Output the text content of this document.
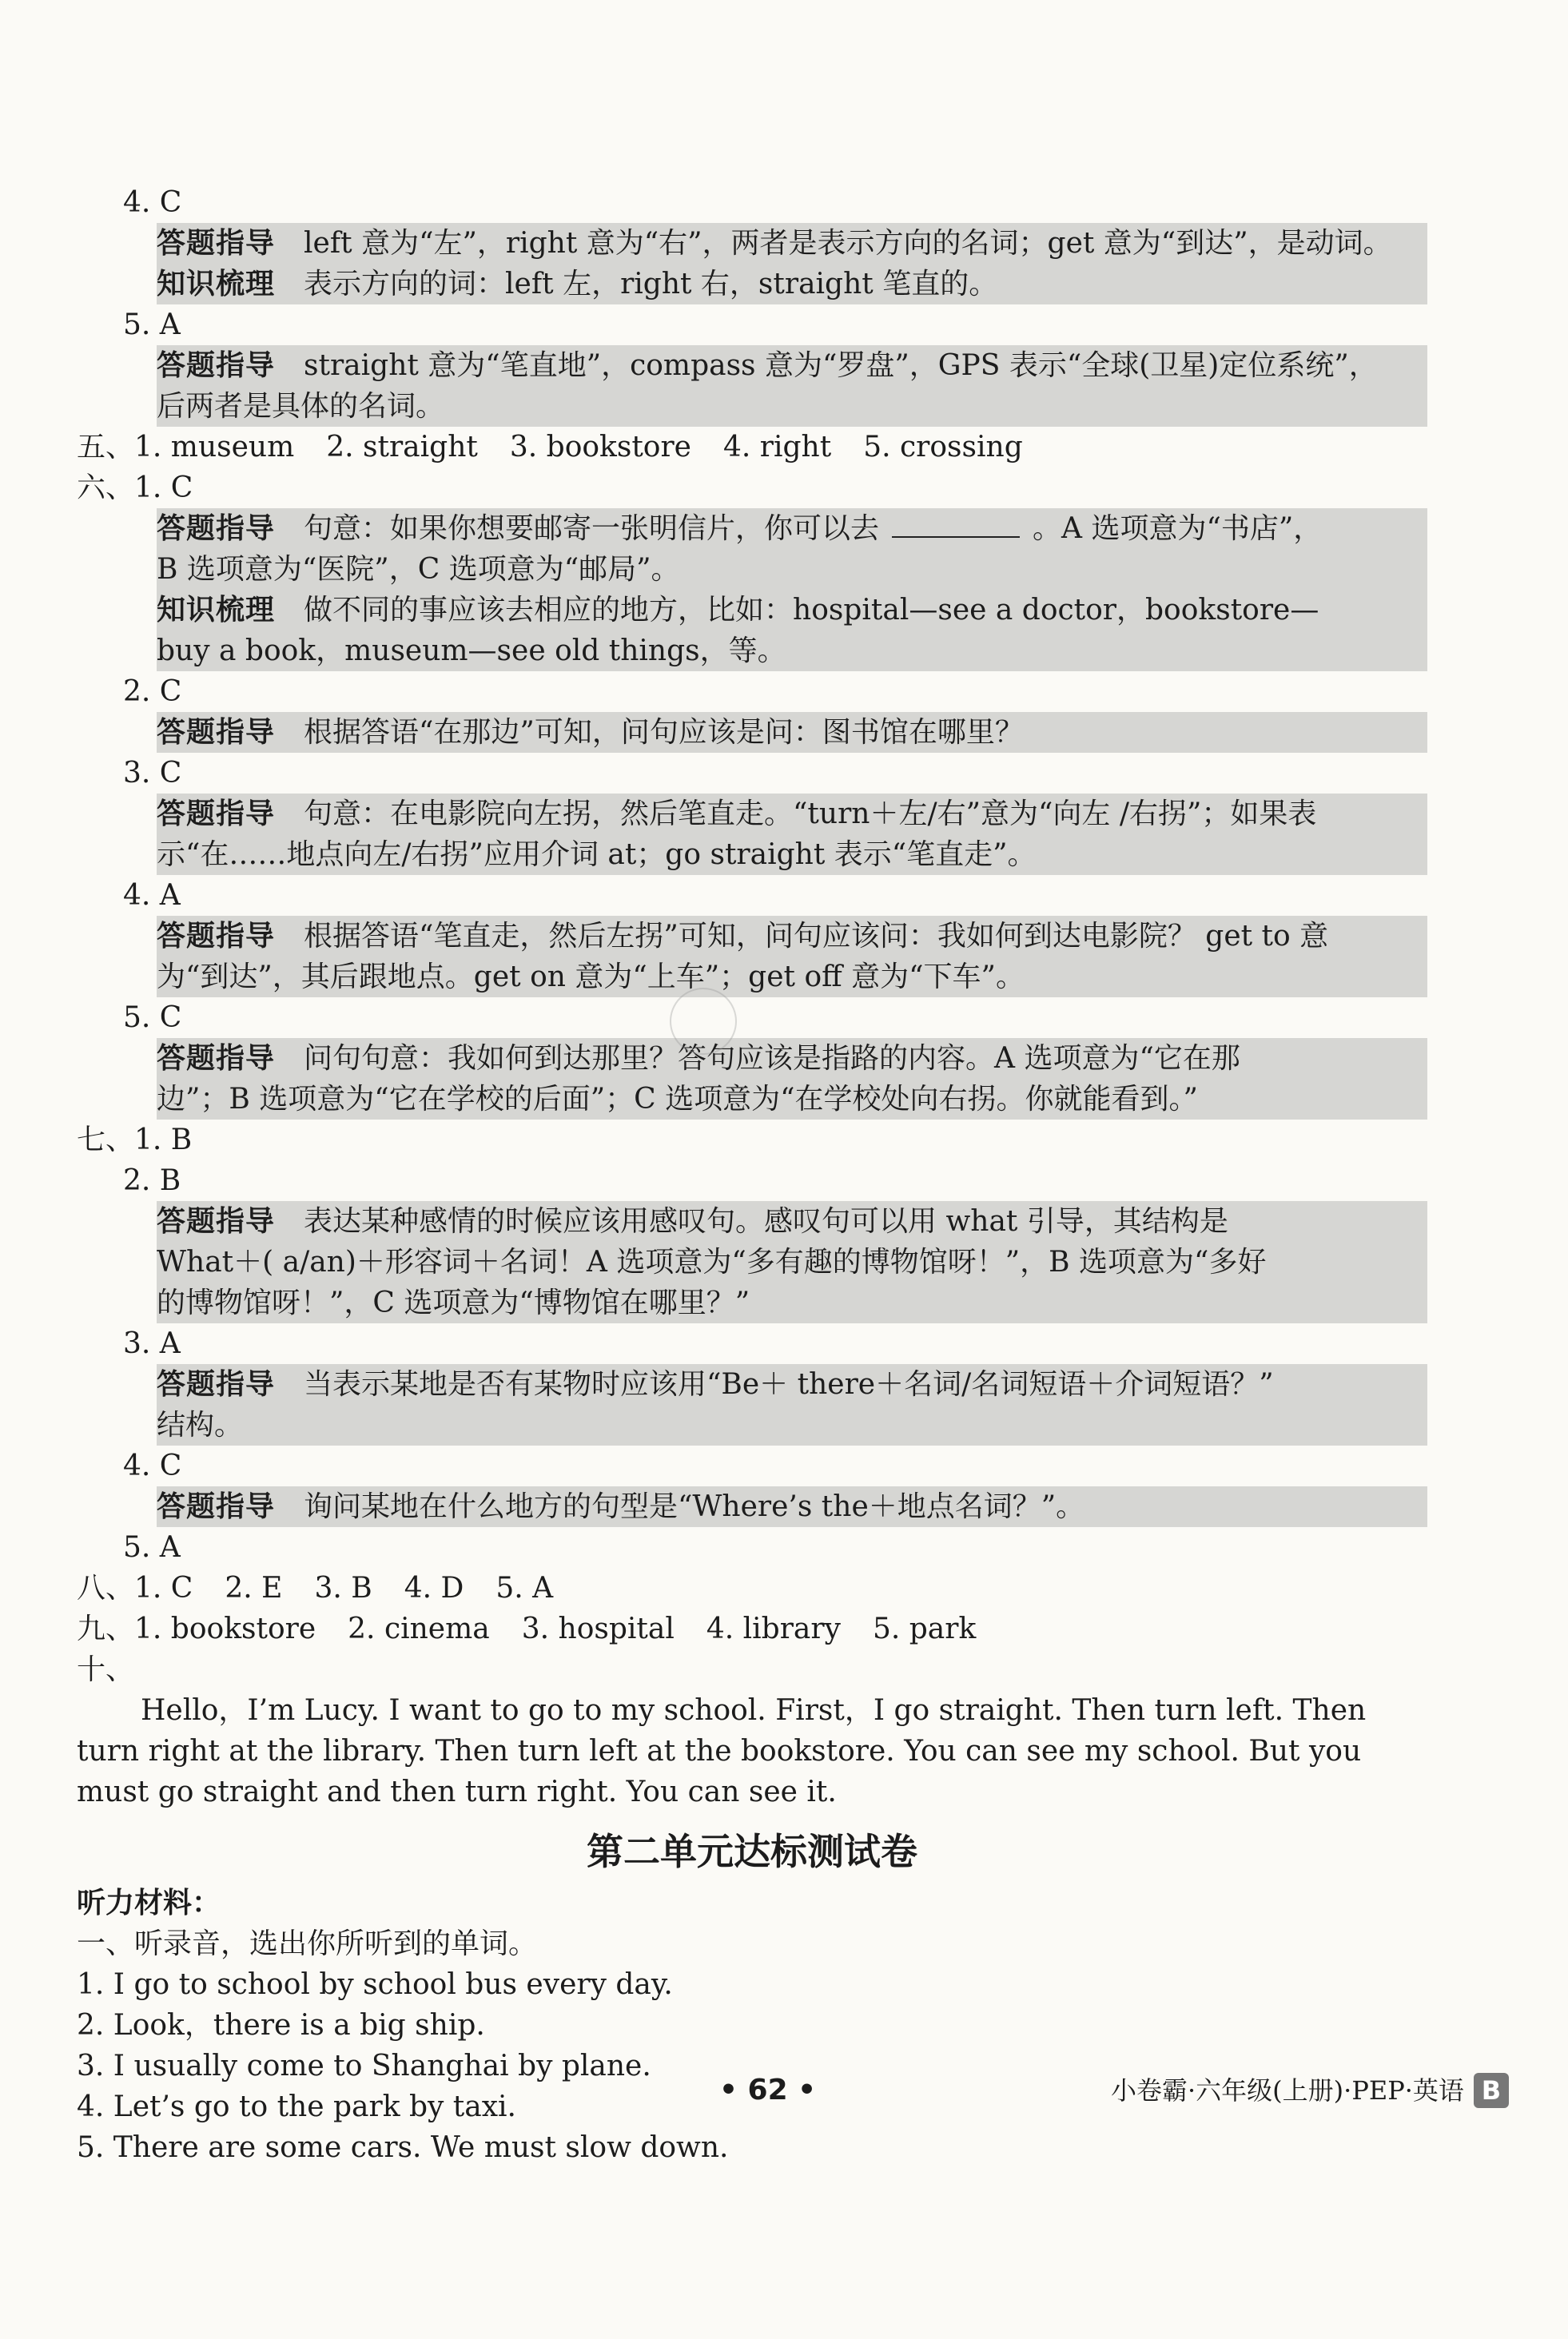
4. C
答题指导 left 意为“左”，right 意为“右”，两者是表示方向的名词；get 意为“到达”，是动词。
知识梳理 表示方向的词：left 左，right 右，straight 笔直的。
5. A
答题指导 straight 意为“笔直地”，compass 意为“罗盘”，GPS 表示“全球(卫星)定位系统”，
后两者是具体的名词。
五、1. museum 2. straight 3. bookstore 4. right 5. crossing
六、1. C
答题指导 句意：如果你想要邮寄一张明信片，你可以去	。A 选项意为“书店”，
B 选项意为“医院”，C 选项意为“邮局”。
知识梳理 做不同的事应该去相应的地方，比如：hospital—see a doctor，bookstore—
buy a book，museum—see old things，等。
2. C
答题指导 根据答语“在那边”可知，问句应该是问：图书馆在哪里？
3. C
答题指导 句意：在电影院向左拐，然后笔直走。“turn＋左/右”意为“向左 /右拐”；如果表
示“在……地点向左/右拐”应用介词 at；go straight 表示“笔直走”。
4. A
答题指导 根据答语“笔直走，然后左拐”可知，问句应该问：我如何到达电影院？ get to 意
为“到达”，其后跟地点。get on 意为“上车”；get off 意为“下车”。
5. C
答题指导 问句句意：我如何到达那里？答句应该是指路的内容。A 选项意为“它在那
边”；B 选项意为“它在学校的后面”；C 选项意为“在学校处向右拐。你就能看到。”
七、1. B
2. B
答题指导 表达某种感情的时候应该用感叹句。感叹句可以用 what 引导，其结构是
What＋( a/an)＋形容词＋名词！A 选项意为“多有趣的博物馆呀！”，B 选项意为“多好
的博物馆呀！”，C 选项意为“博物馆在哪里？”
3. A
答题指导 当表示某地是否有某物时应该用“Be＋ there＋名词/名词短语＋介词短语？”
结构。
4. C
答题指导 询问某地在什么地方的句型是“Where’s the＋地点名词？”。
5. A
八、1. C 2. E 3. B 4. D 5. A
九、1. bookstore 2. cinema 3. hospital 4. library 5. park
十、
Hello，I’m Lucy. I want to go to my school. First，I go straight. Then turn left. Then
turn right at the library. Then turn left at the bookstore. You can see my school. But you
must go straight and then turn right. You can see it.
第二单元达标测试卷
听力材料：
一、听录音，选出你所听到的单词。
1. I go to school by school bus every day.
2. Look，there is a big ship.
3. I usually come to Shanghai by plane.
4. Let’s go to the park by taxi.
5. There are some cars. We must slow down.
• 62 •	小卷霸·六年级(上册)·PEP·英语 B
